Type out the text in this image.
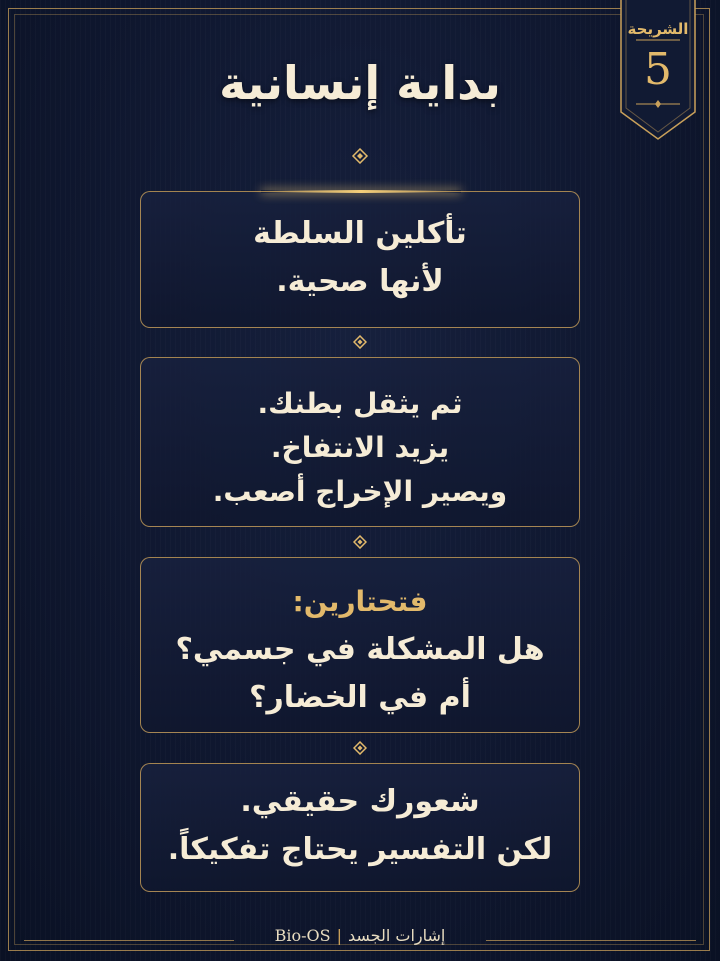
الشريحة
5
بداية إنسانية
تأكلين السلطة
لأنها صحية.
ثم يثقل بطنك.
يزيد الانتفاخ.
ويصير الإخراج أصعب.
فتحتارين:
هل المشكلة في جسمي؟
أم في الخضار؟
شعورك حقيقي.
لكن التفسير يحتاج تفكيكاً.
Bio-OS | إشارات الجسد
